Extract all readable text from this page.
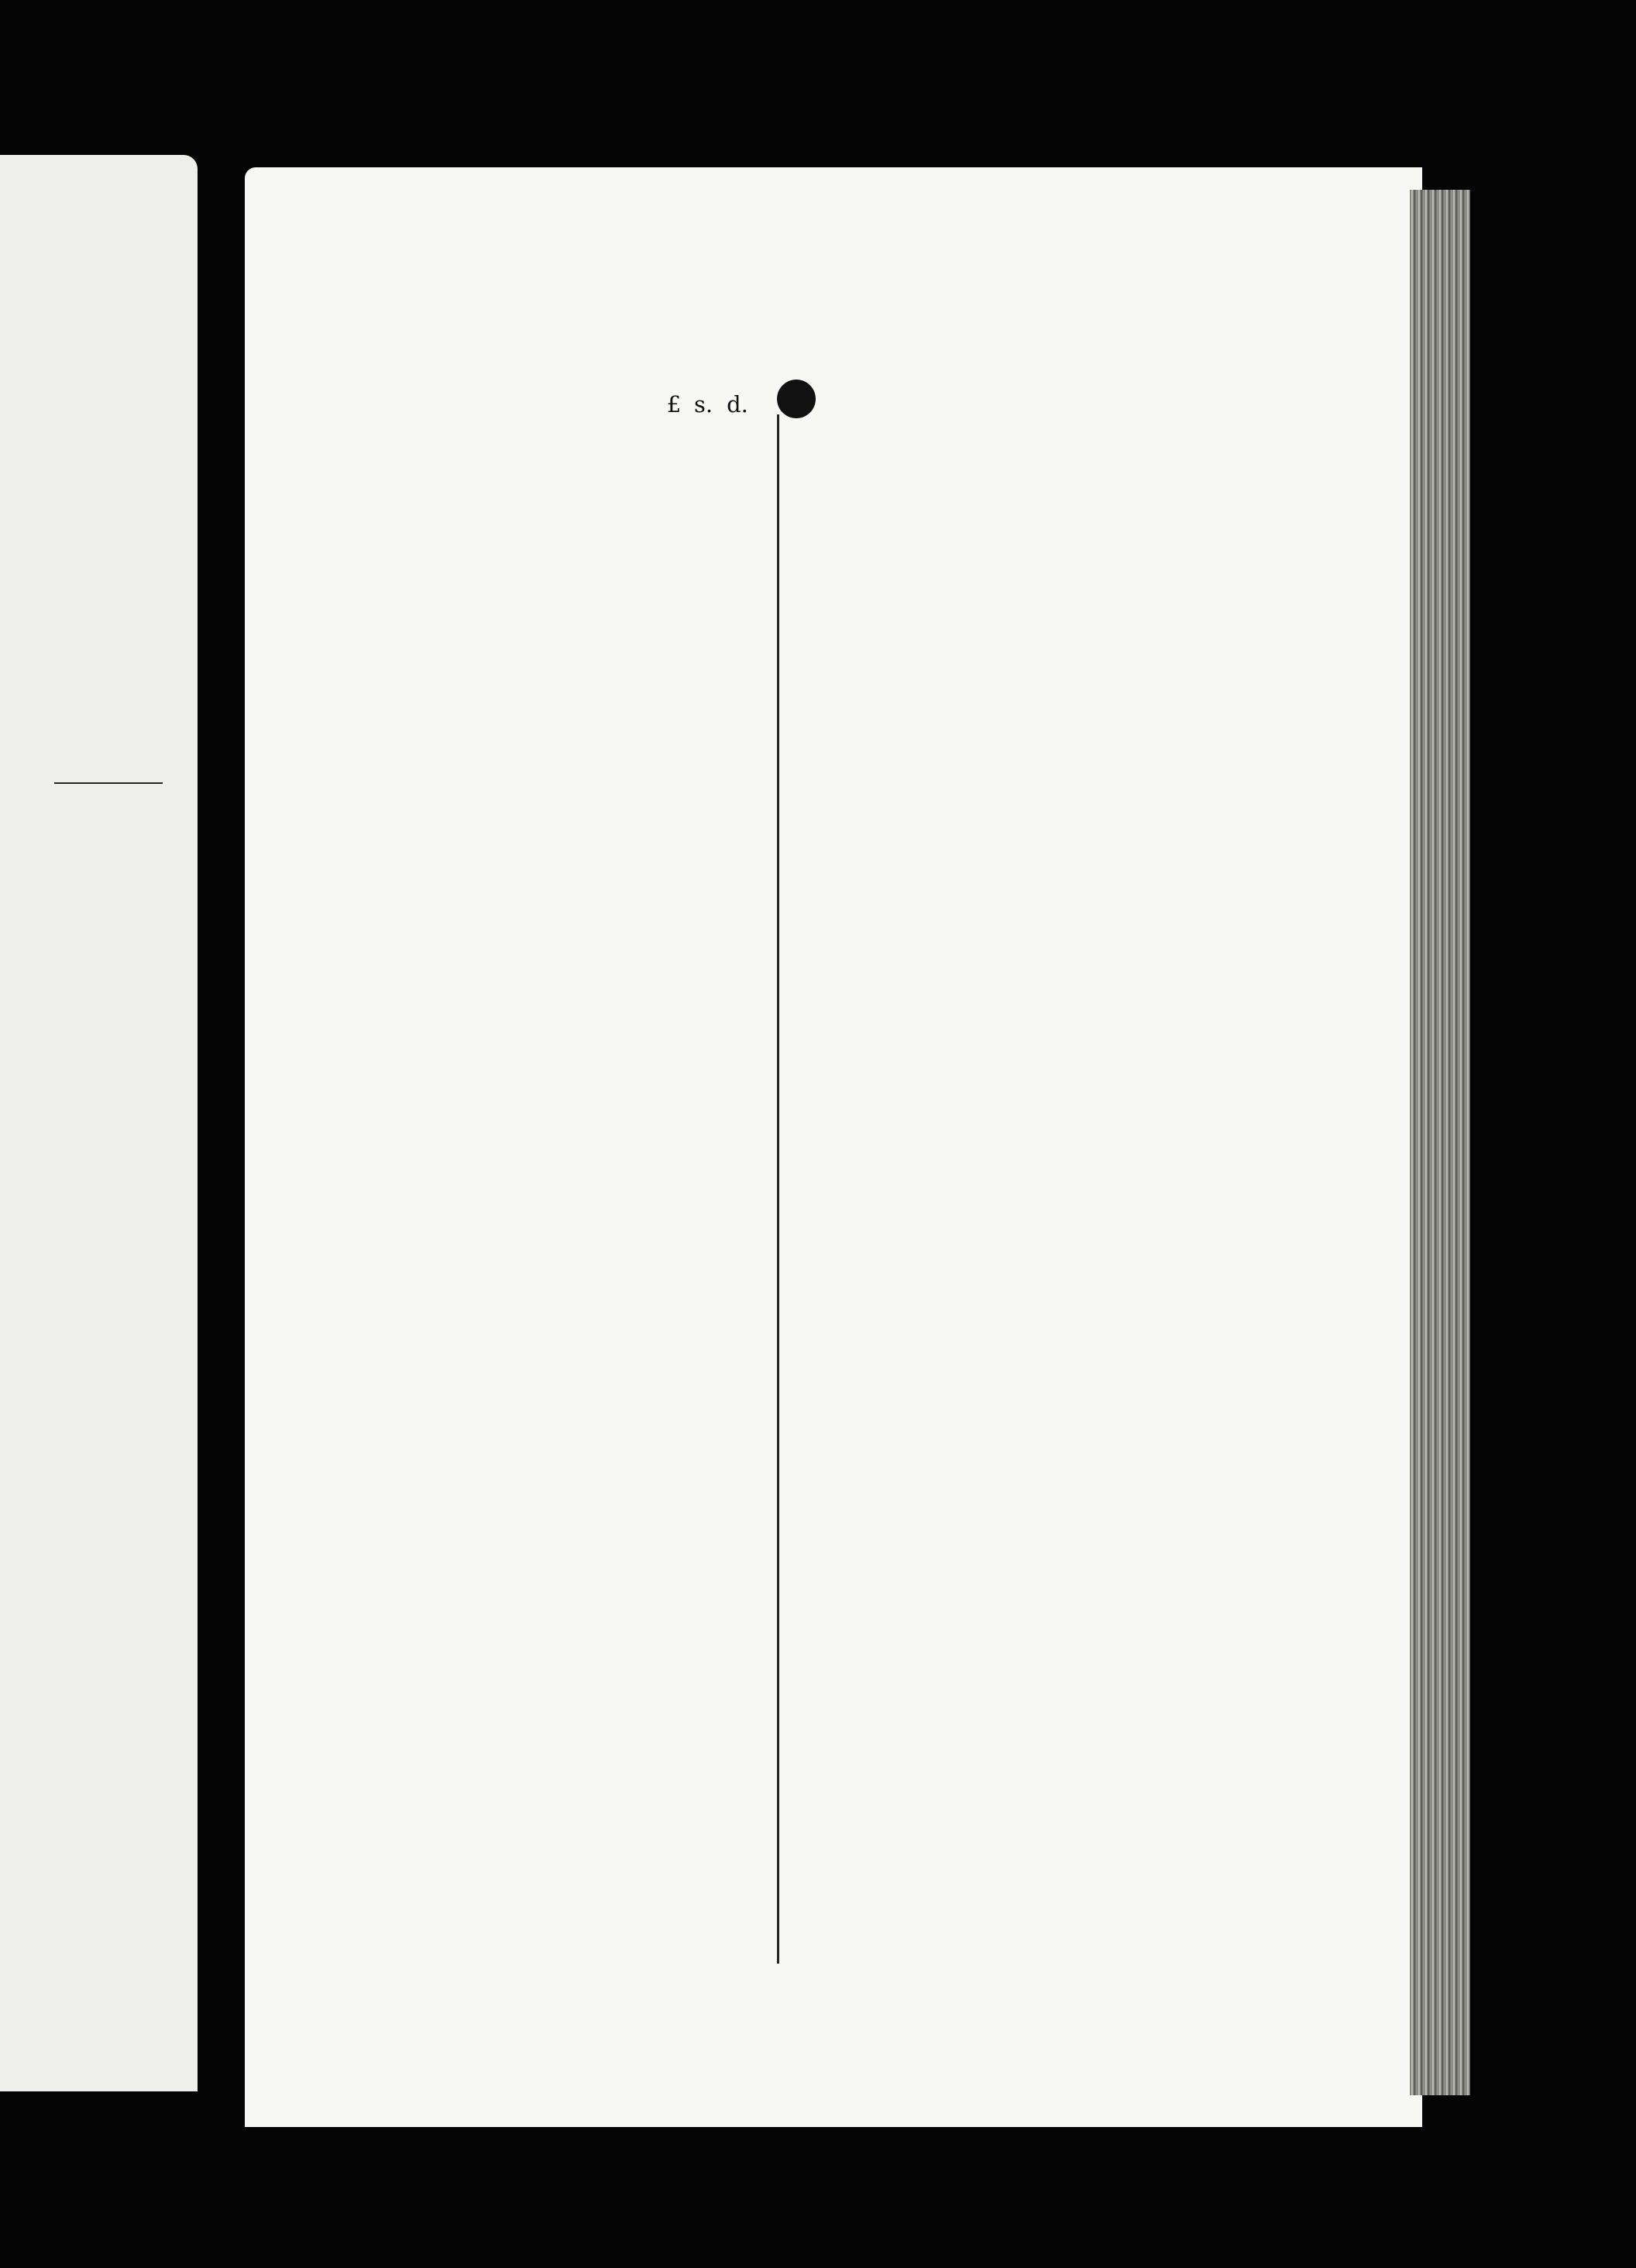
£ s. d.
